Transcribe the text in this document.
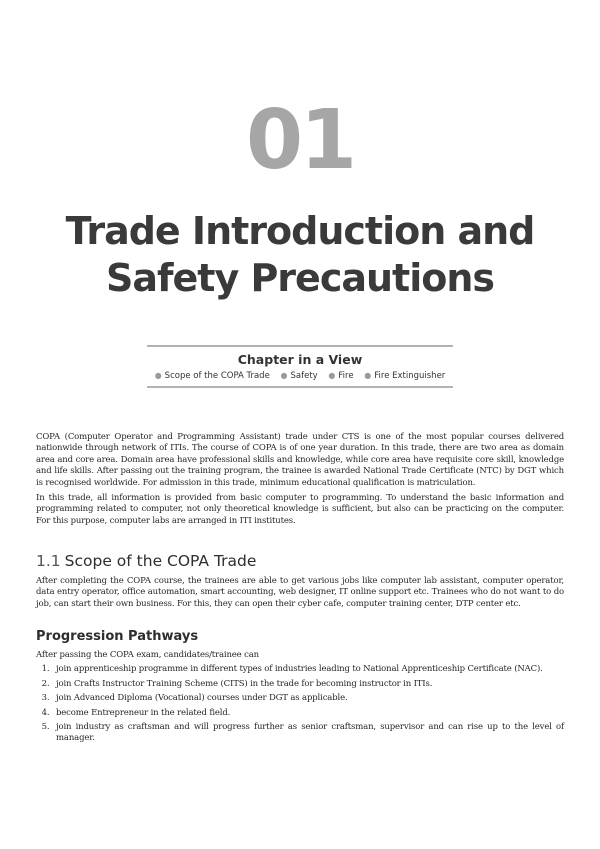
01
Trade Introduction and
Safety Precautions
Chapter in a View
● Scope of the COPA Trade ● Safety ● Fire ● Fire Extinguisher

COPA (Computer Operator and Programming Assistant) trade under CTS is one of the most popular courses delivered nationwide through network of ITIs. The course of COPA is of one year duration. In this trade, there are two area as domain area and core area. Domain area have professional skills and knowledge, while core area have requisite core skill, knowledge and life skills. After passing out the training program, the trainee is awarded National Trade Certificate (NTC) by DGT which is recognised worldwide. For admission in this trade, minimum educational qualification is matriculation.

In this trade, all information is provided from basic computer to programming. To understand the basic information and programming related to computer, not only theoretical knowledge is sufficient, but also can be practicing on the computer. For this purpose, computer labs are arranged in ITI institutes.

1.1 Scope of the COPA Trade

After completing the COPA course, the trainees are able to get various jobs like computer lab assistant, computer operator, data entry operator, office automation, smart accounting, web designer, IT online support etc. Trainees who do not want to do job, can start their own business. For this, they can open their cyber cafe, computer training center, DTP center etc.

Progression Pathways
After passing the COPA exam, candidates/trainee can
1. join apprenticeship programme in different types of industries leading to National Apprenticeship Certificate (NAC).
2. join Crafts Instructor Training Scheme (CITS) in the trade for becoming instructor in ITIs.
3. join Advanced Diploma (Vocational) courses under DGT as applicable.
4. become Entrepreneur in the related field.
5. join industry as craftsman and will progress further as senior craftsman, supervisor and can rise up to the level of manager.
